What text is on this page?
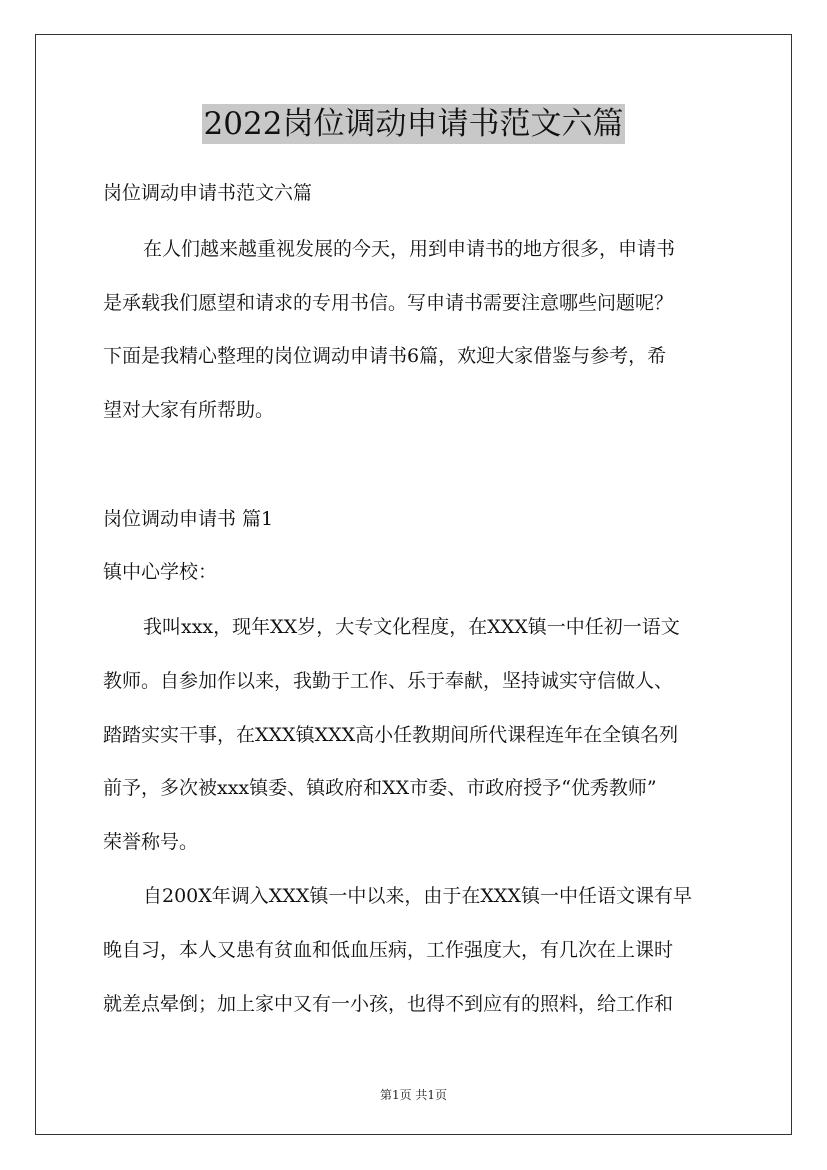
2022岗位调动申请书范文六篇
岗位调动申请书范文六篇
在人们越来越重视发展的今天，用到申请书的地方很多，申请书
是承载我们愿望和请求的专用书信。写申请书需要注意哪些问题呢？
下面是我精心整理的岗位调动申请书6篇，欢迎大家借鉴与参考，希
望对大家有所帮助。
岗位调动申请书 篇1
镇中心学校：
我叫xxx，现年XX岁，大专文化程度，在XXX镇一中任初一语文
教师。自参加作以来，我勤于工作、乐于奉献，坚持诚实守信做人、
踏踏实实干事，在XXX镇XXX高小任教期间所代课程连年在全镇名列
前予，多次被xxx镇委、镇政府和XX市委、市政府授予“优秀教师”
荣誉称号。
自200X年调入XXX镇一中以来，由于在XXX镇一中任语文课有早
晚自习，本人又患有贫血和低血压病，工作强度大，有几次在上课时
就差点晕倒；加上家中又有一小孩，也得不到应有的照料，给工作和
第1页 共1页
